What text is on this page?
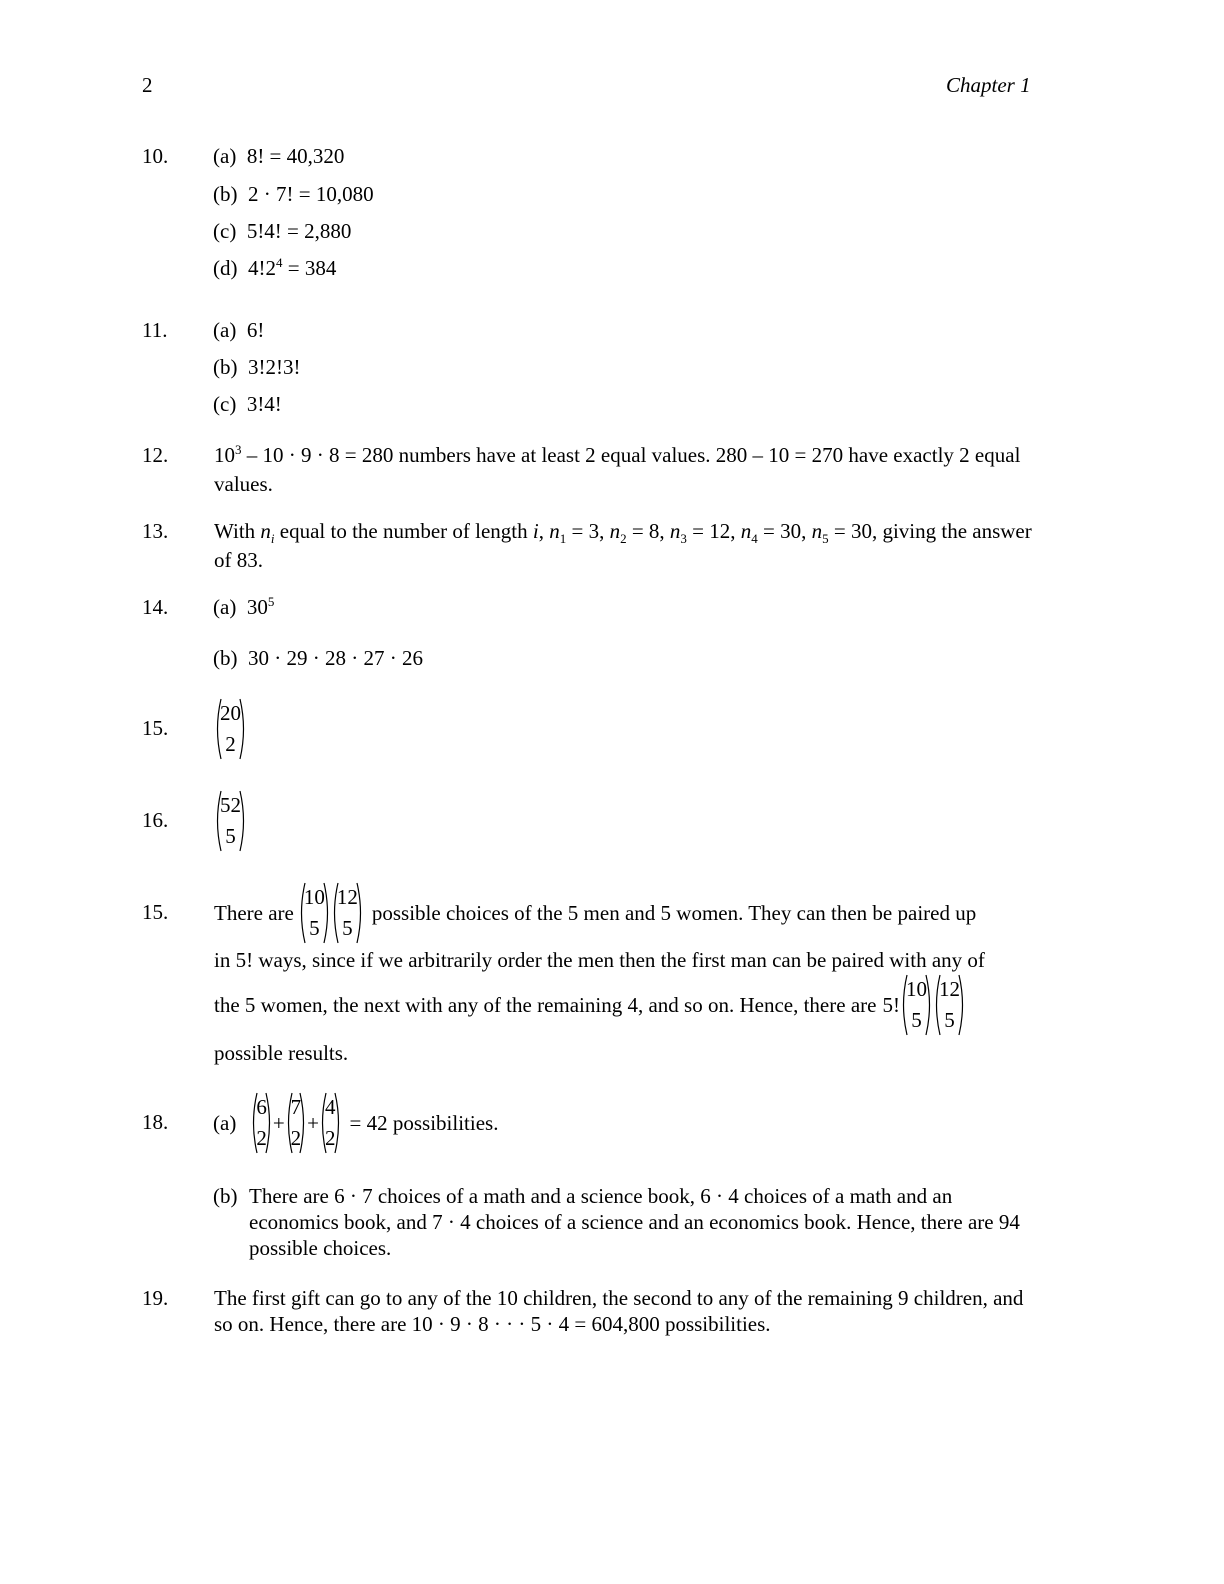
2	Chapter 1
10. (a) 8! = 40,320
(b) 2 · 7! = 10,080
(c) 5!4! = 2,880
(d) $4!2^4 = 384$
11. (a) 6!
(b) 3!2!3!
(c) 3!4!
12. $10^3 - 10 \cdot 9 \cdot 8 = 280$ numbers have at least 2 equal values. 280 – 10 = 270 have exactly 2 equal values.
13. With $n_i$ equal to the number of length i, $n_1 = 3$, $n_2 = 8$, $n_3 = 12$, $n_4 = 30$, $n_5 = 30$, giving the answer of 83.
14. (a) $30^5$
(b) 30 · 29 · 28 · 27 · 26
15.
20
2
16.
52
5
15. There are
10
5
12
5
possible choices of the 5 men and 5 women. They can then be paired up
in 5! ways, since if we arbitrarily order the men then the first man can be paired with any of
the 5 women, the next with any of the remaining 4, and so on. Hence, there are 5!
10
5
12
5
possible results.
18. (a)
6
2
+
7
2
+
4
2
= 42 possibilities.
(b) There are 6 · 7 choices of a math and a science book, 6 · 4 choices of a math and an economics book, and 7 · 4 choices of a science and an economics book. Hence, there are 94 possible choices.
19. The first gift can go to any of the 10 children, the second to any of the remaining 9 children, and so on. Hence, there are 10 · 9 · 8 · · · 5 · 4 = 604,800 possibilities.
